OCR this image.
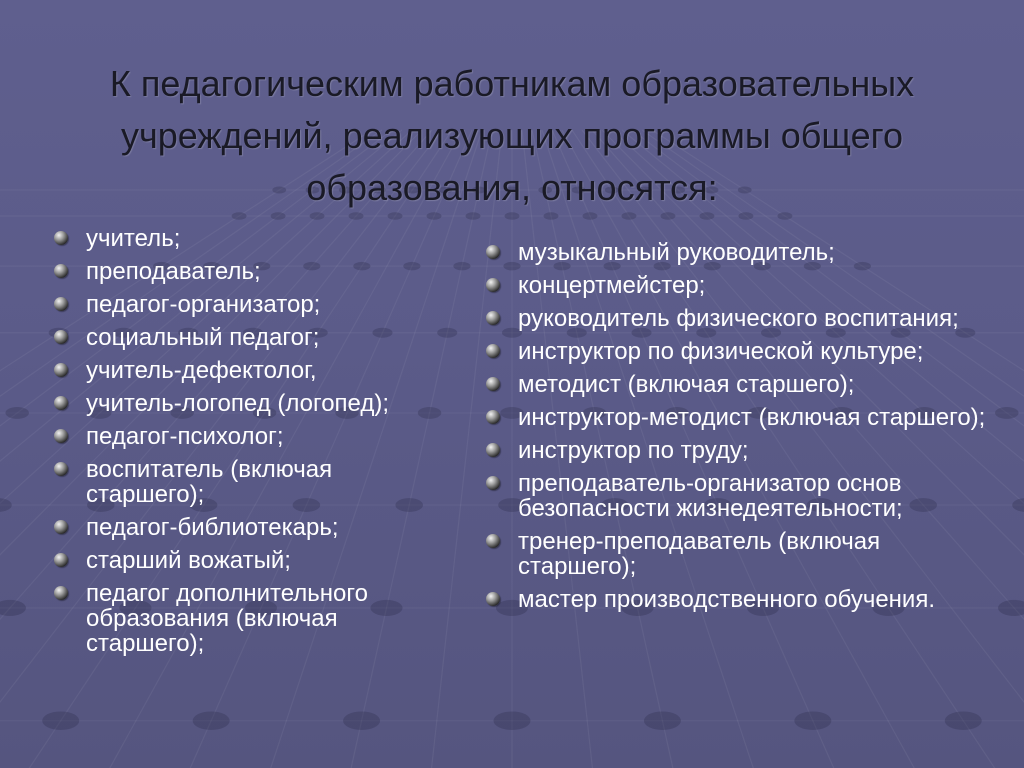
К педагогическим работникам образовательных
учреждений, реализующих программы общего
образования, относятся:
учитель;
преподаватель;
педагог-организатор;
социальный педагог;
учитель-дефектолог,
учитель-логопед (логопед);
педагог-психолог;
воспитатель (включая старшего);
педагог-библиотекарь;
старший вожатый;
педагог дополнительного образования (включая старшего);
музыкальный руководитель;
концертмейстер;
руководитель физического воспитания;
инструктор по физической культуре;
методист (включая старшего);
инструктор-методист (включая старшего);
инструктор по труду;
преподаватель-организатор основ безопасности жизнедеятельности;
тренер-преподаватель (включая старшего);
мастер производственного обучения.
